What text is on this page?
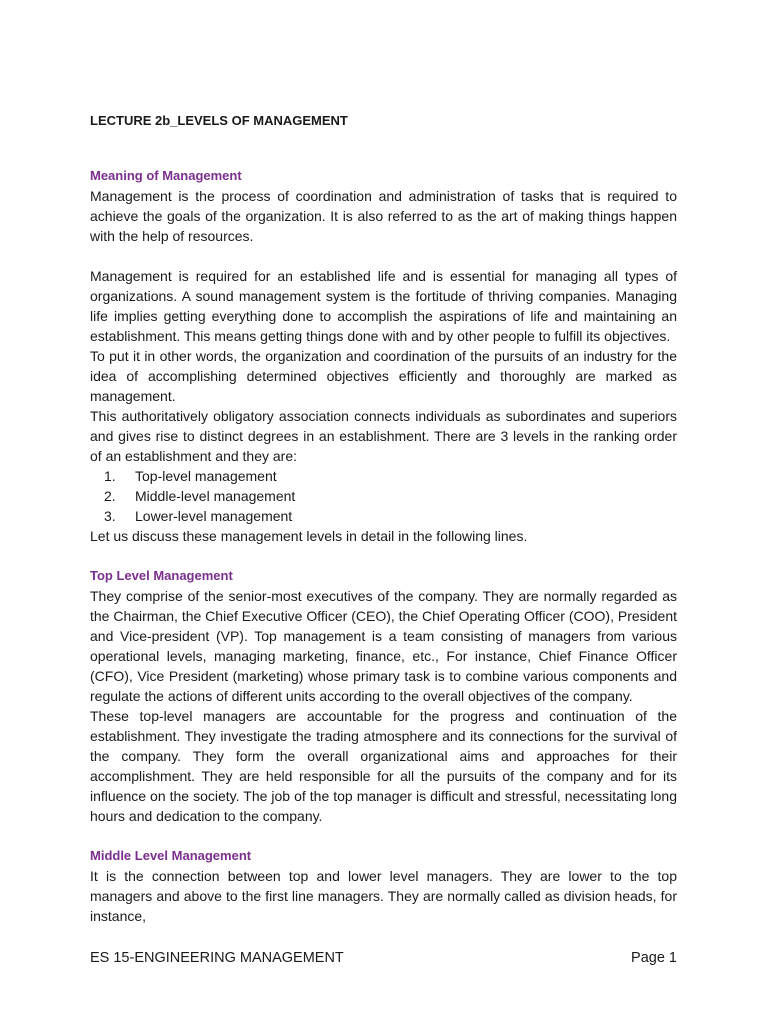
LECTURE 2b_LEVELS OF MANAGEMENT
Meaning of Management

Management is the process of coordination and administration of tasks that is required to achieve the goals of the organization. It is also referred to as the art of making things happen with the help of resources.

Management is required for an established life and is essential for managing all types of organizations. A sound management system is the fortitude of thriving companies. Managing life implies getting everything done to accomplish the aspirations of life and maintaining an establishment. This means getting things done with and by other people to fulfill its objectives.

To put it in other words, the organization and coordination of the pursuits of an industry for the idea of accomplishing determined objectives efficiently and thoroughly are marked as management.

This authoritatively obligatory association connects individuals as subordinates and superiors and gives rise to distinct degrees in an establishment. There are 3 levels in the ranking order of an establishment and they are:

1.	Top-level management
2.	Middle-level management
3.	Lower-level management

Let us discuss these management levels in detail in the following lines.

Top Level Management

They comprise of the senior-most executives of the company. They are normally regarded as the Chairman, the Chief Executive Officer (CEO), the Chief Operating Officer (COO), President and Vice-president (VP). Top management is a team consisting of managers from various operational levels, managing marketing, finance, etc., For instance, Chief Finance Officer (CFO), Vice President (marketing) whose primary task is to combine various components and regulate the actions of different units according to the overall objectives of the company.

These top-level managers are accountable for the progress and continuation of the establishment. They investigate the trading atmosphere and its connections for the survival of the company. They form the overall organizational aims and approaches for their accomplishment. They are held responsible for all the pursuits of the company and for its influence on the society. The job of the top manager is difficult and stressful, necessitating long hours and dedication to the company.

Middle Level Management

It is the connection between top and lower level managers. They are lower to the top managers and above to the first line managers. They are normally called as division heads, for instance,

ES 15-ENGINEERING MANAGEMENT	Page 1
